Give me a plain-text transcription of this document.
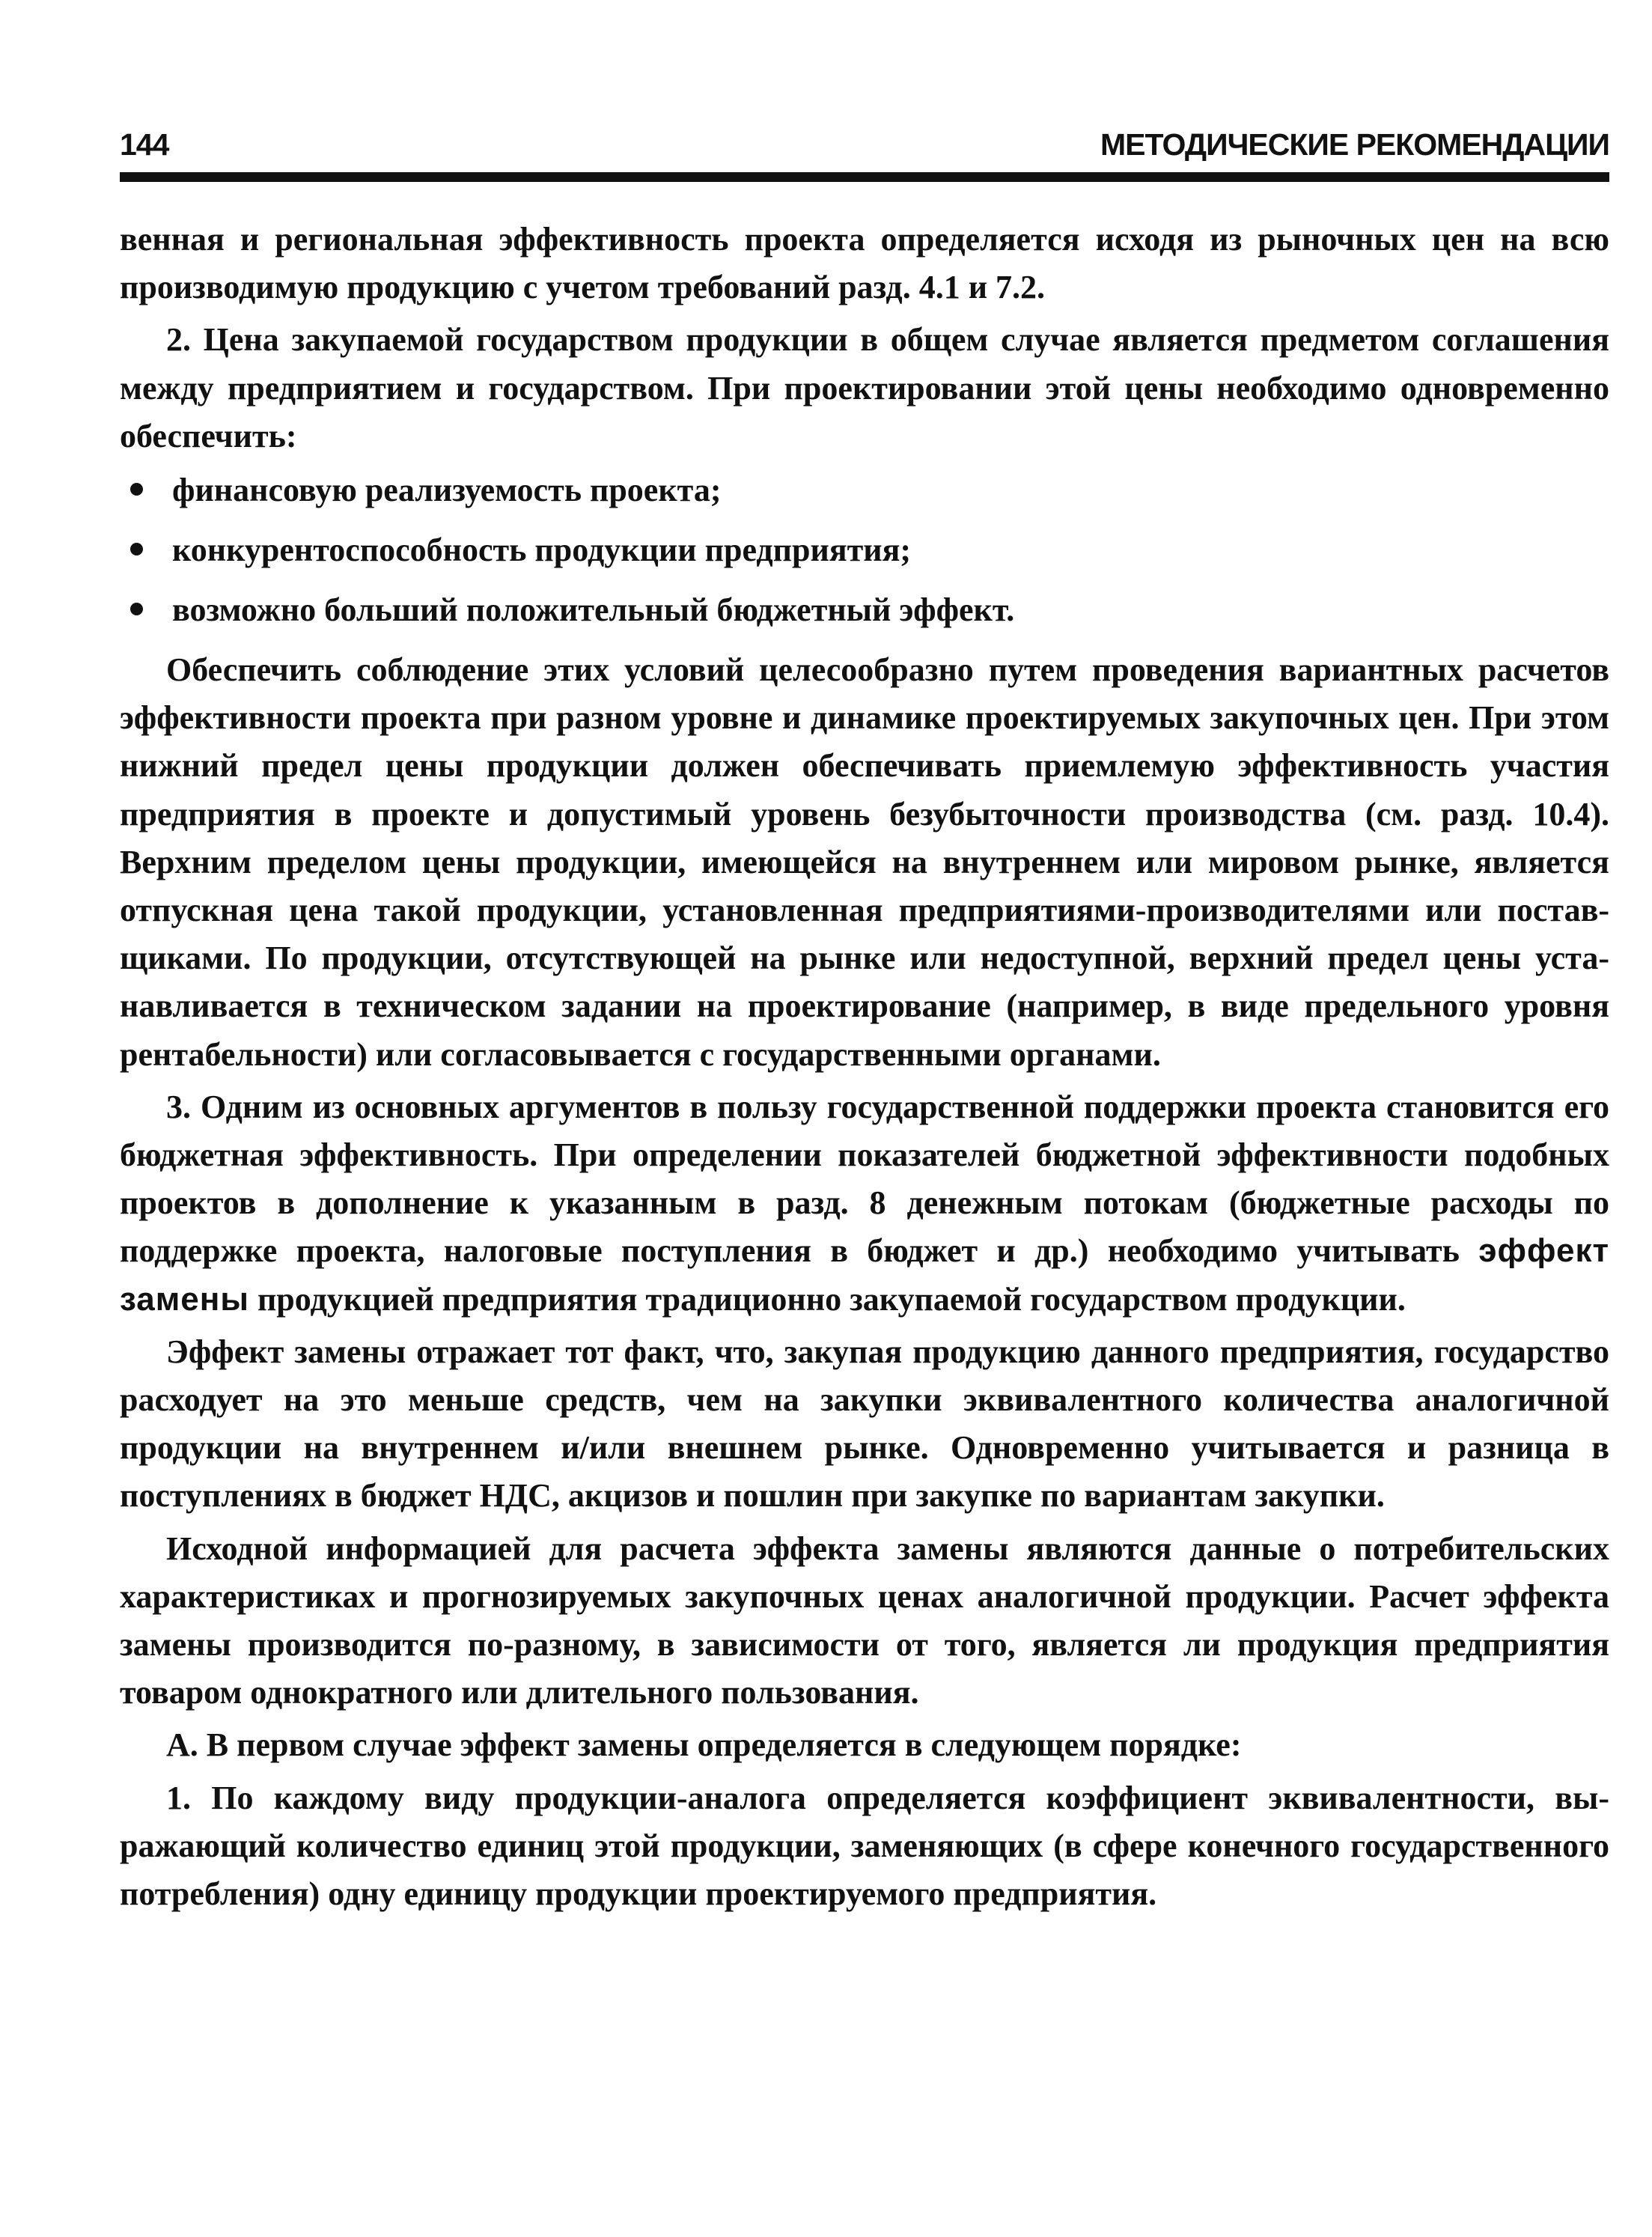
144	МЕТОДИЧЕСКИЕ РЕКОМЕНДАЦИИ

венная и региональная эффективность проекта определяется исходя из рыночных цен на всю производимую продукцию с учетом требований разд. 4.1 и 7.2.

2. Цена закупаемой государством продукции в общем случае является предметом соглашения между предприятием и государством. При проектировании этой цены необходимо одновременно обеспечить:

финансовую реализуемость проекта;
конкурентоспособность продукции предприятия;
возможно больший положительный бюджетный эффект.

Обеспечить соблюдение этих условий целесообразно путем проведения вариантных расчетов эффективности проекта при разном уровне и динамике проектируемых закупочных цен. При этом нижний предел цены продукции должен обеспечивать приемлемую эффективность участия предприятия в проекте и допустимый уровень безубыточности производства (см. разд. 10.4). Верхним пределом цены продукции, имеющейся на внутреннем или мировом рынке, является отпускная цена такой продукции, установленная предприятиями-производителями или поставщиками. По продукции, отсутствующей на рынке или недоступной, верхний предел цены устанавливается в техническом задании на проектирование (например, в виде предельного уровня рентабельности) или согласовывается с государственными органами.

3. Одним из основных аргументов в пользу государственной поддержки проекта становится его бюджетная эффективность. При определении показателей бюджетной эффективности подобных проектов в дополнение к указанным в разд. 8 денежным потокам (бюджетные расходы по поддержке проекта, налоговые поступления в бюджет и др.) необходимо учитывать эффект замены продукцией предприятия традиционно закупаемой государством продукции.

Эффект замены отражает тот факт, что, закупая продукцию данного предприятия, государство расходует на это меньше средств, чем на закупки эквивалентного количества аналогичной продукции на внутреннем и/или внешнем рынке. Одновременно учитывается и разница в поступлениях в бюджет НДС, акцизов и пошлин при закупке по вариантам закупки.

Исходной информацией для расчета эффекта замены являются данные о потребительских характеристиках и прогнозируемых закупочных ценах аналогичной продукции. Расчет эффекта замены производится по-разному, в зависимости от того, является ли продукция предприятия товаром однократного или длительного пользования.

А. В первом случае эффект замены определяется в следующем порядке:

1. По каждому виду продукции-аналога определяется коэффициент эквивалентности, выражающий количество единиц этой продукции, заменяющих (в сфере конечного государственного потребления) одну единицу продукции проектируемого предприятия.
